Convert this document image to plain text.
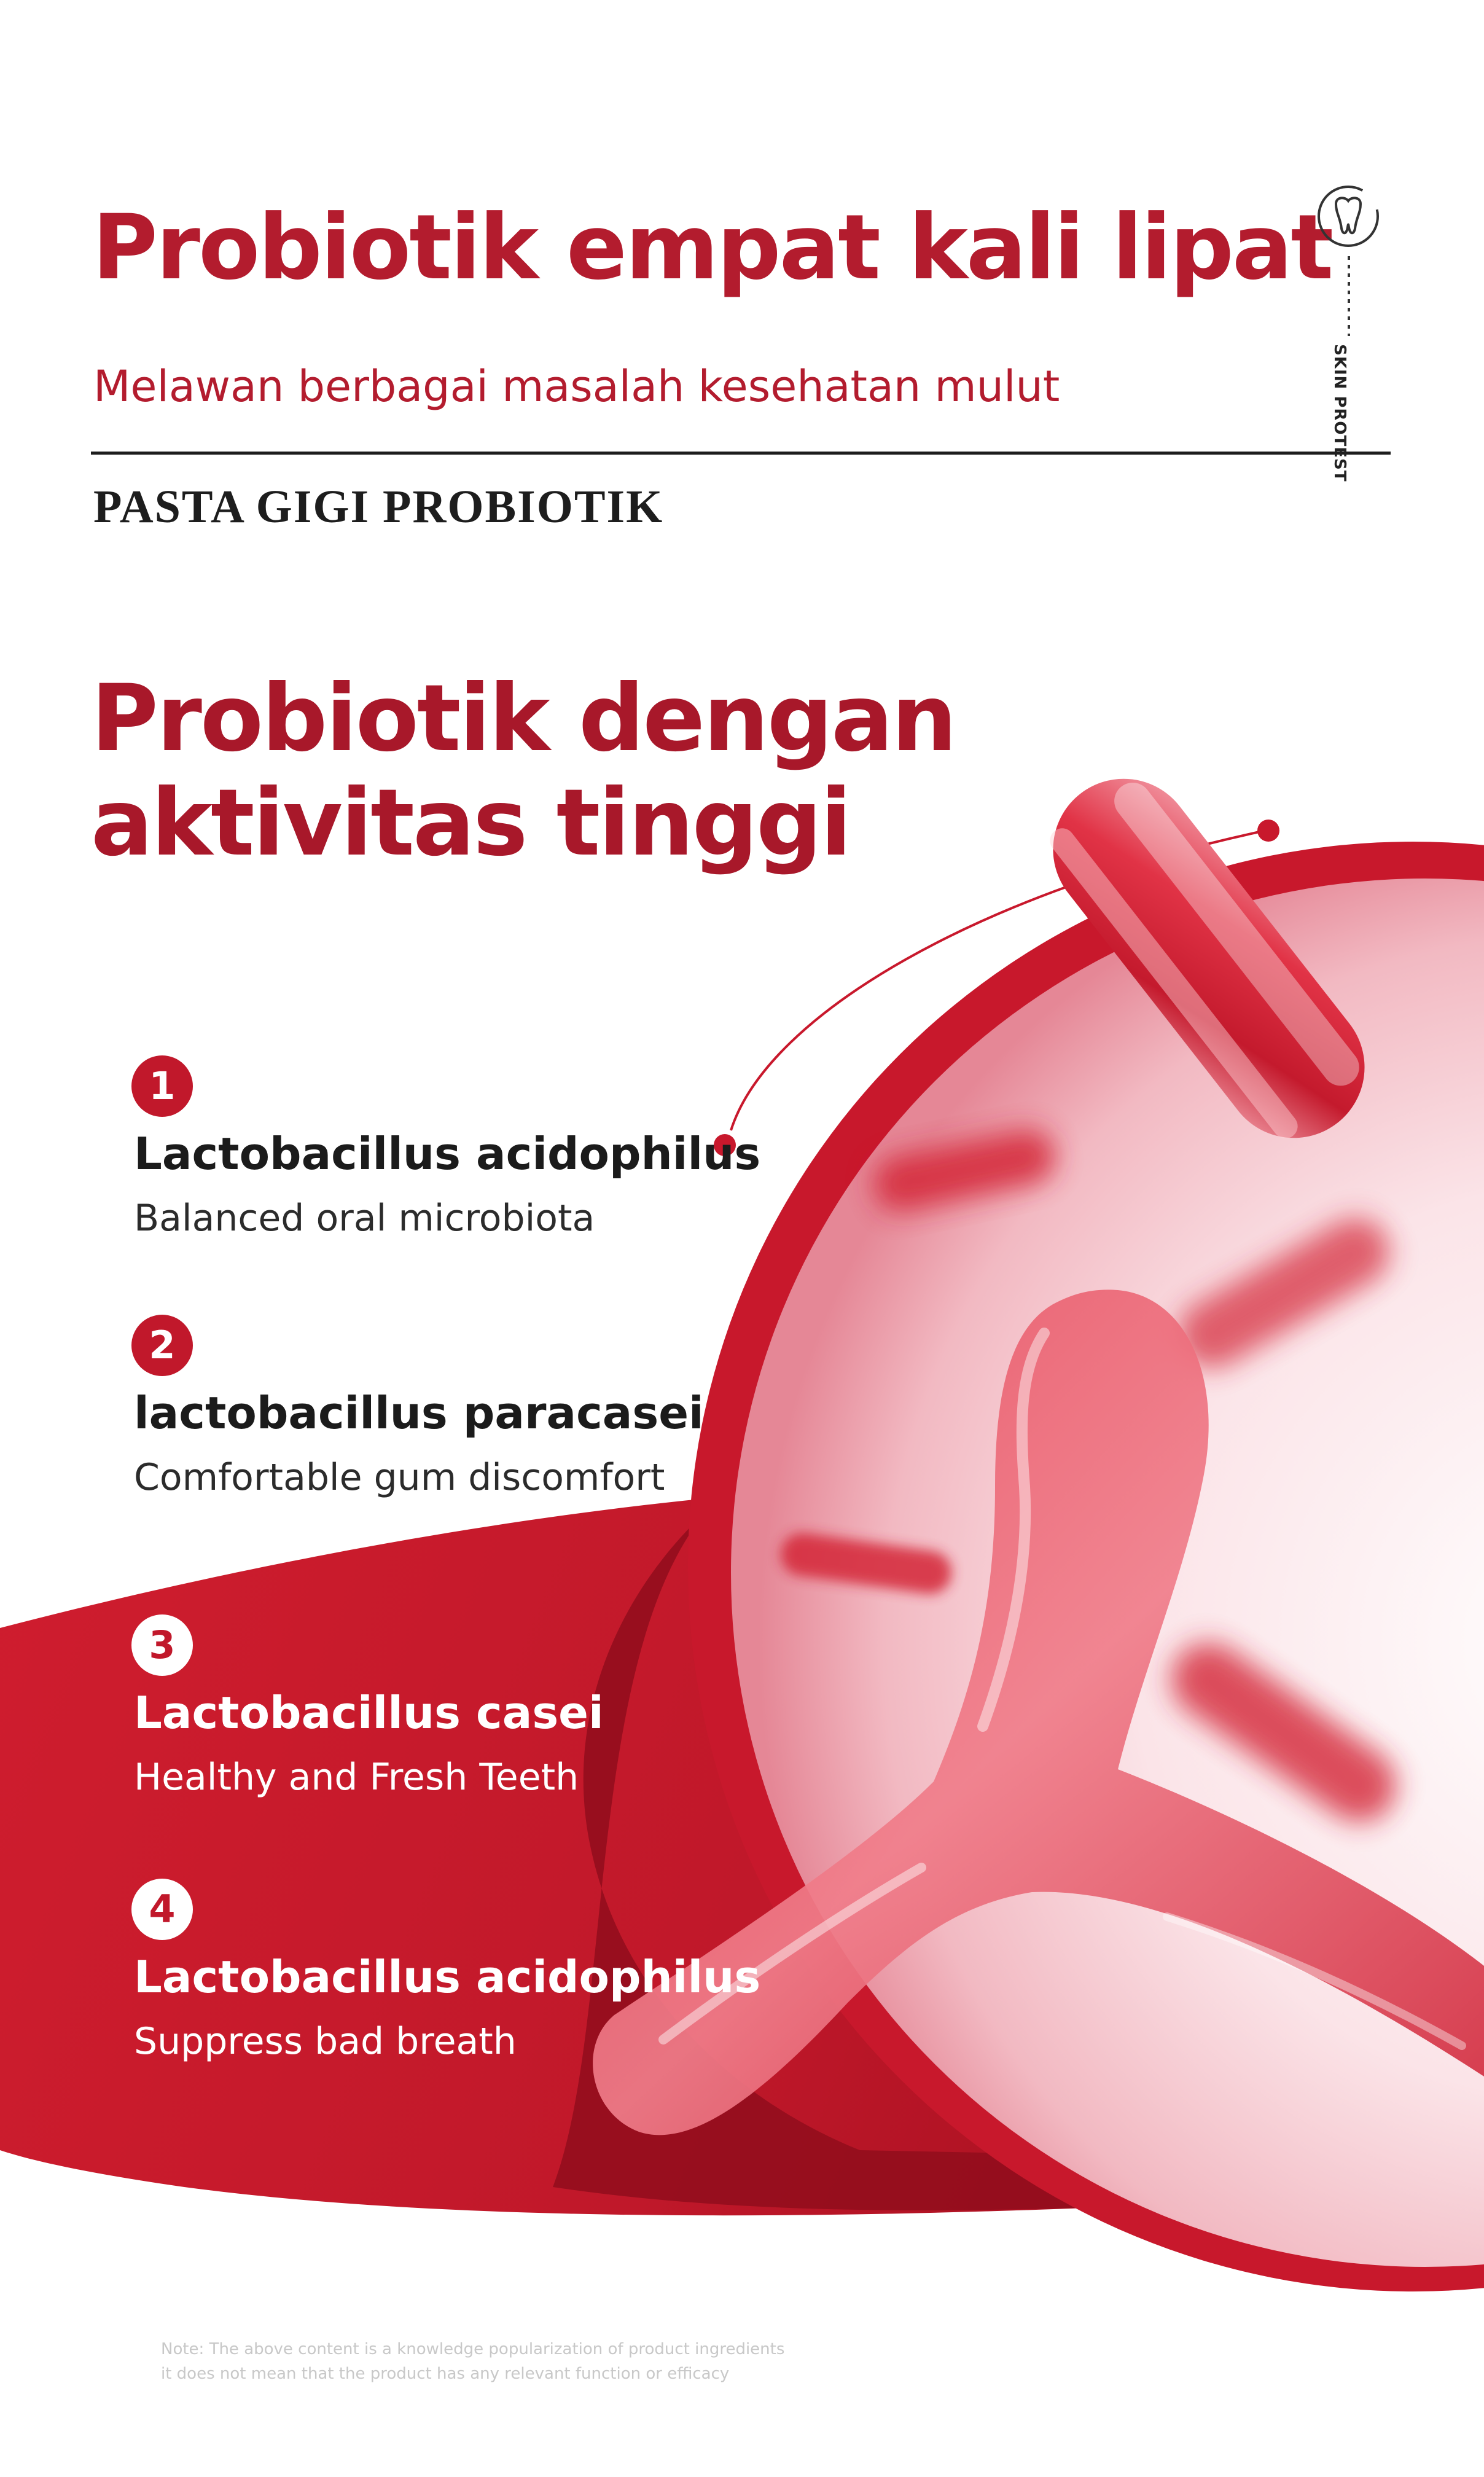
Probiotik empat kali lipat
Melawan berbagai masalah kesehatan mulut
PASTA GIGI PROBIOTIK
SKIN PROTEST
Probiotik dengan
aktivitas tinggi
1
Lactobacillus acidophilus
Balanced oral microbiota
2
lactobacillus paracasei
Comfortable gum discomfort
3
Lactobacillus casei
Healthy and Fresh Teeth
4
Lactobacillus acidophilus
Suppress bad breath
Note: The above content is a knowledge popularization of product ingredients
it does not mean that the product has any relevant function or efficacy
